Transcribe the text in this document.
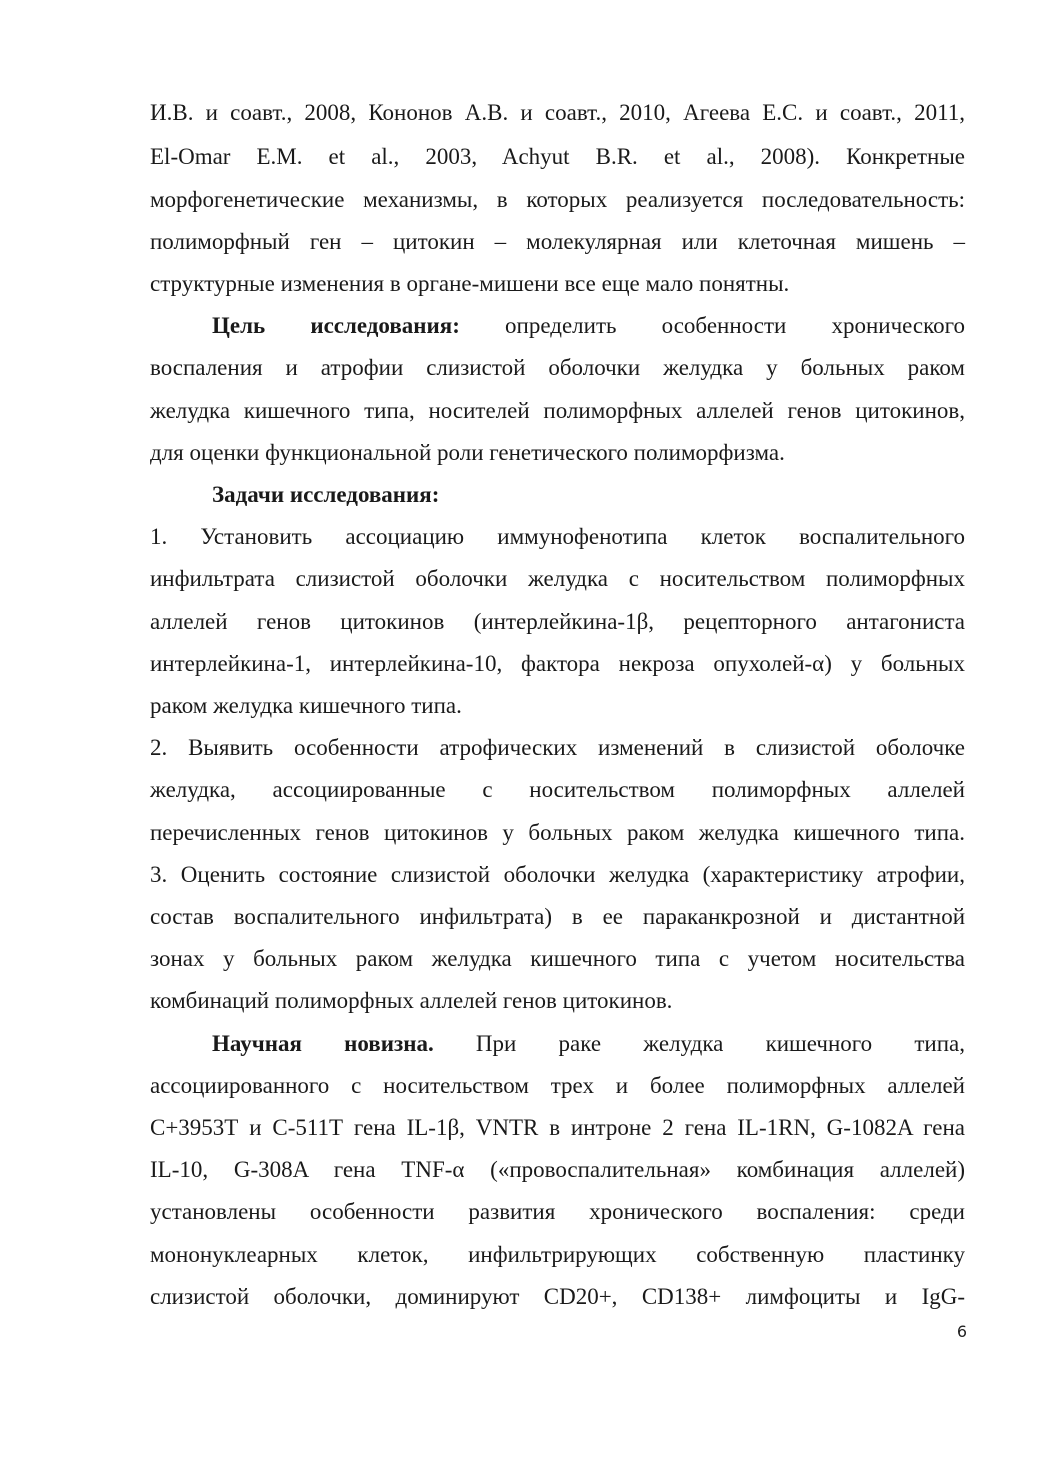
И.В. и соавт., 2008, Кононов А.В. и соавт., 2010, Агеева Е.С. и соавт., 2011,
El-Omar E.M. et al., 2003, Achyut B.R. et al., 2008). Конкретные
морфогенетические механизмы, в которых реализуется последовательность:
полиморфный ген – цитокин – молекулярная или клеточная мишень –
структурные изменения в органе-мишени все еще мало понятны.
Цель исследования: определить особенности хронического
воспаления и атрофии слизистой оболочки желудка у больных раком
желудка кишечного типа, носителей полиморфных аллелей генов цитокинов,
для оценки функциональной роли генетического полиморфизма.
Задачи исследования:
1. Установить ассоциацию иммунофенотипа клеток воспалительного
инфильтрата слизистой оболочки желудка с носительством полиморфных
аллелей генов цитокинов (интерлейкина-1β, рецепторного антагониста
интерлейкина-1, интерлейкина-10, фактора некроза опухолей-α) у больных
раком желудка кишечного типа.
2. Выявить особенности атрофических изменений в слизистой оболочке
желудка, ассоциированные с носительством полиморфных аллелей
перечисленных генов цитокинов у больных раком желудка кишечного типа.
3. Оценить состояние слизистой оболочки желудка (характеристику атрофии,
состав воспалительного инфильтрата) в ее параканкрозной и дистантной
зонах у больных раком желудка кишечного типа с учетом носительства
комбинаций полиморфных аллелей генов цитокинов.
Научная новизна. При раке желудка кишечного типа,
ассоциированного с носительством трех и более полиморфных аллелей
С+3953Т и С-511Т гена IL-1β, VNTR в интроне 2 гена IL-1RN, G-1082A гена
IL-10, G-308A гена TNF-α («провоспалительная» комбинация аллелей)
установлены особенности развития хронического воспаления: среди
мононуклеарных клеток, инфильтрирующих собственную пластинку
слизистой оболочки, доминируют CD20+, CD138+ лимфоциты и IgG-
6
